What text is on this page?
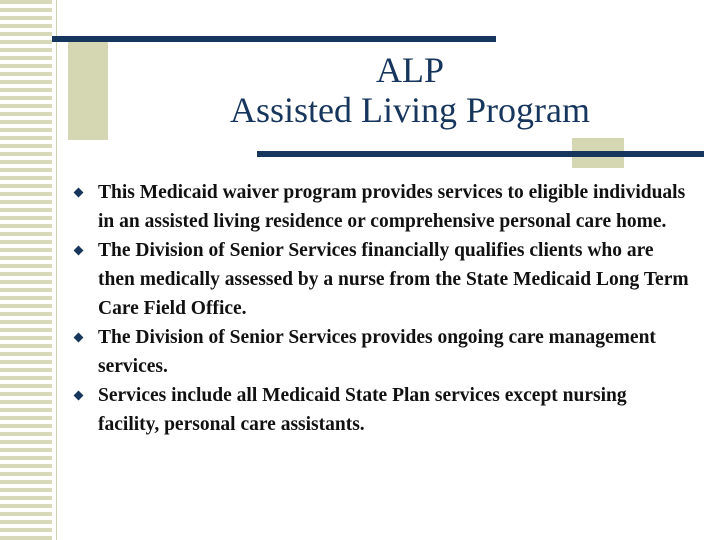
ALP
Assisted Living Program
This Medicaid waiver program provides services to eligible individuals in an assisted living residence or comprehensive personal care home.
The Division of Senior Services financially qualifies clients who are then medically assessed by a nurse from the State Medicaid Long Term Care Field Office.
The Division of Senior Services provides ongoing care management services.
Services include all Medicaid State Plan services except nursing facility, personal care assistants.
